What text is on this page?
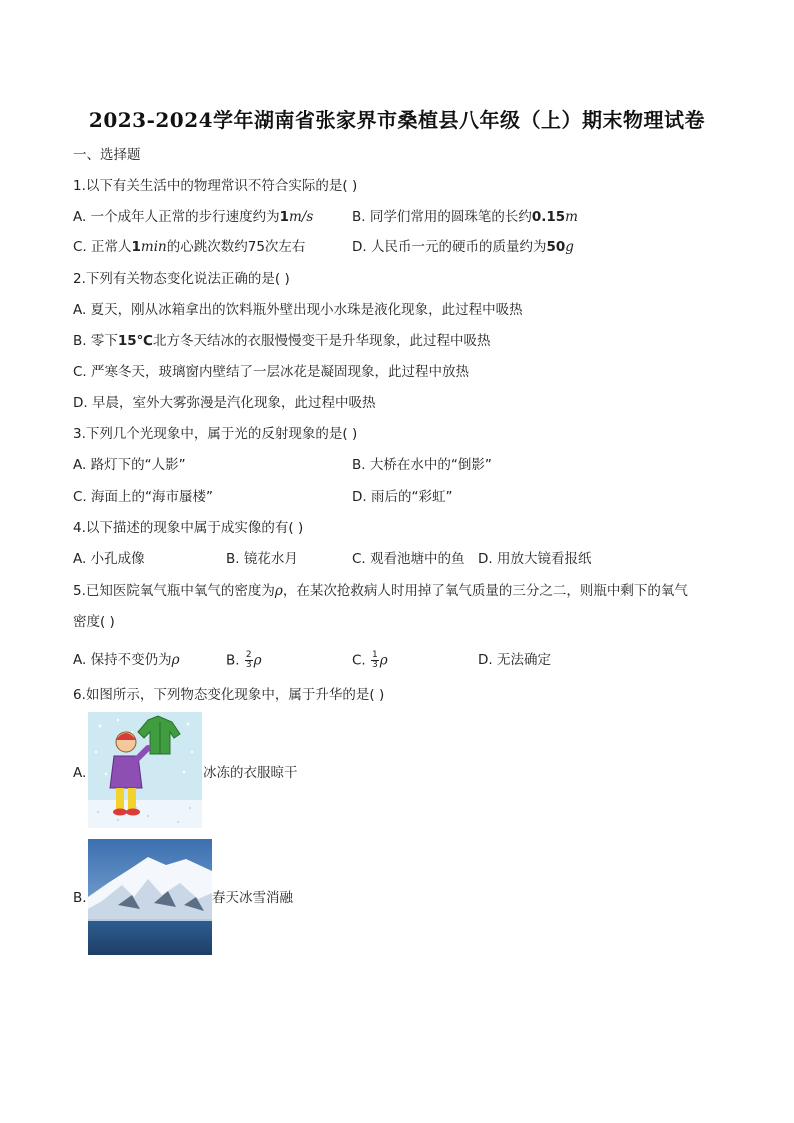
2023-2024学年湖南省张家界市桑植县八年级（上）期末物理试卷
一、选择题
1.以下有关生活中的物理常识不符合实际的是( )
A. 一个成年人正常的步行速度约为1m/s	B. 同学们常用的圆珠笔的长约0.15m
C. 正常人1min的心跳次数约75次左右	D. 人民币一元的硬币的质量约为50g
2.下列有关物态变化说法正确的是( )
A. 夏天，刚从冰箱拿出的饮料瓶外壁出现小水珠是液化现象，此过程中吸热
B. 零下15℃北方冬天结冰的衣服慢慢变干是升华现象，此过程中吸热
C. 严寒冬天，玻璃窗内壁结了一层冰花是凝固现象，此过程中放热
D. 早晨，室外大雾弥漫是汽化现象，此过程中吸热
3.下列几个光现象中，属于光的反射现象的是( )
A. 路灯下的“人影”	B. 大桥在水中的“倒影”
C. 海面上的“海市蜃楼”	D. 雨后的“彩虹”
4.以下描述的现象中属于成实像的有( )
A. 小孔成像	B. 镜花水月	C. 观看池塘中的鱼 D. 用放大镜看报纸
5.已知医院氧气瓶中氧气的密度为ρ，在某次抢救病人时用掉了氧气质量的三分之二，则瓶中剩下的氧气
密度( )
A. 保持不变仍为ρ	B. $\frac{2}{3}$ ρ	C. $\frac{1}{3}$ ρ	D. 无法确定
6.如图所示，下列物态变化现象中，属于升华的是( )
A.	冰冻的衣服晾干
B.	春天冰雪消融
